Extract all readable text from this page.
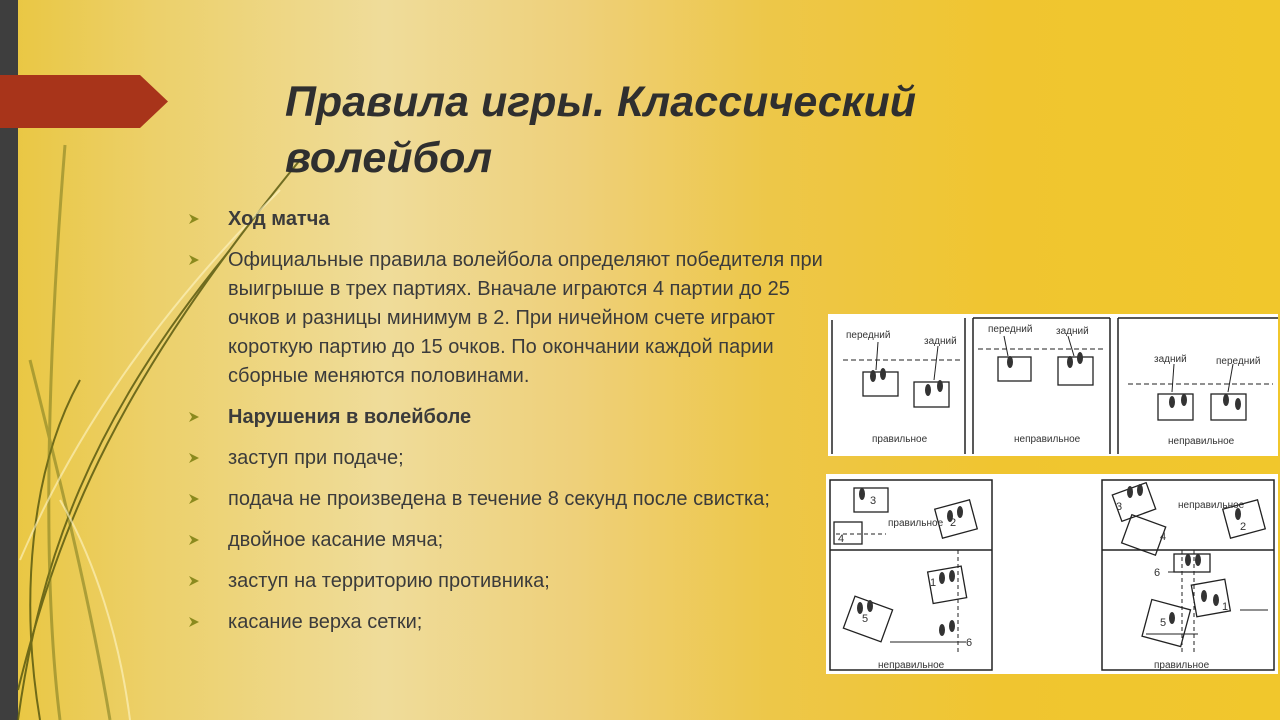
Правила игры. Классический волейбол
Ход матча
Официальные правила волейбола определяют победителя при выигрыше в трех партиях. Вначале играются 4 партии до 25 очков и разницы минимум в 2. При ничейном счете играют короткую партию до 15 очков. По окончании каждой парии сборные меняются половинами.
Нарушения в волейболе
заступ при подаче;
подача не произведена в течение 8 секунд после свистка;
двойное касание мяча;
заступ на территорию противника;
касание верха сетки;
передний
задний
правильное
передний задний
неправильное
передний
задний
неправильное
правильное
неправильное
3
2
4
1
5
6
неправильное
правильное
3
2
4
6
1
5
